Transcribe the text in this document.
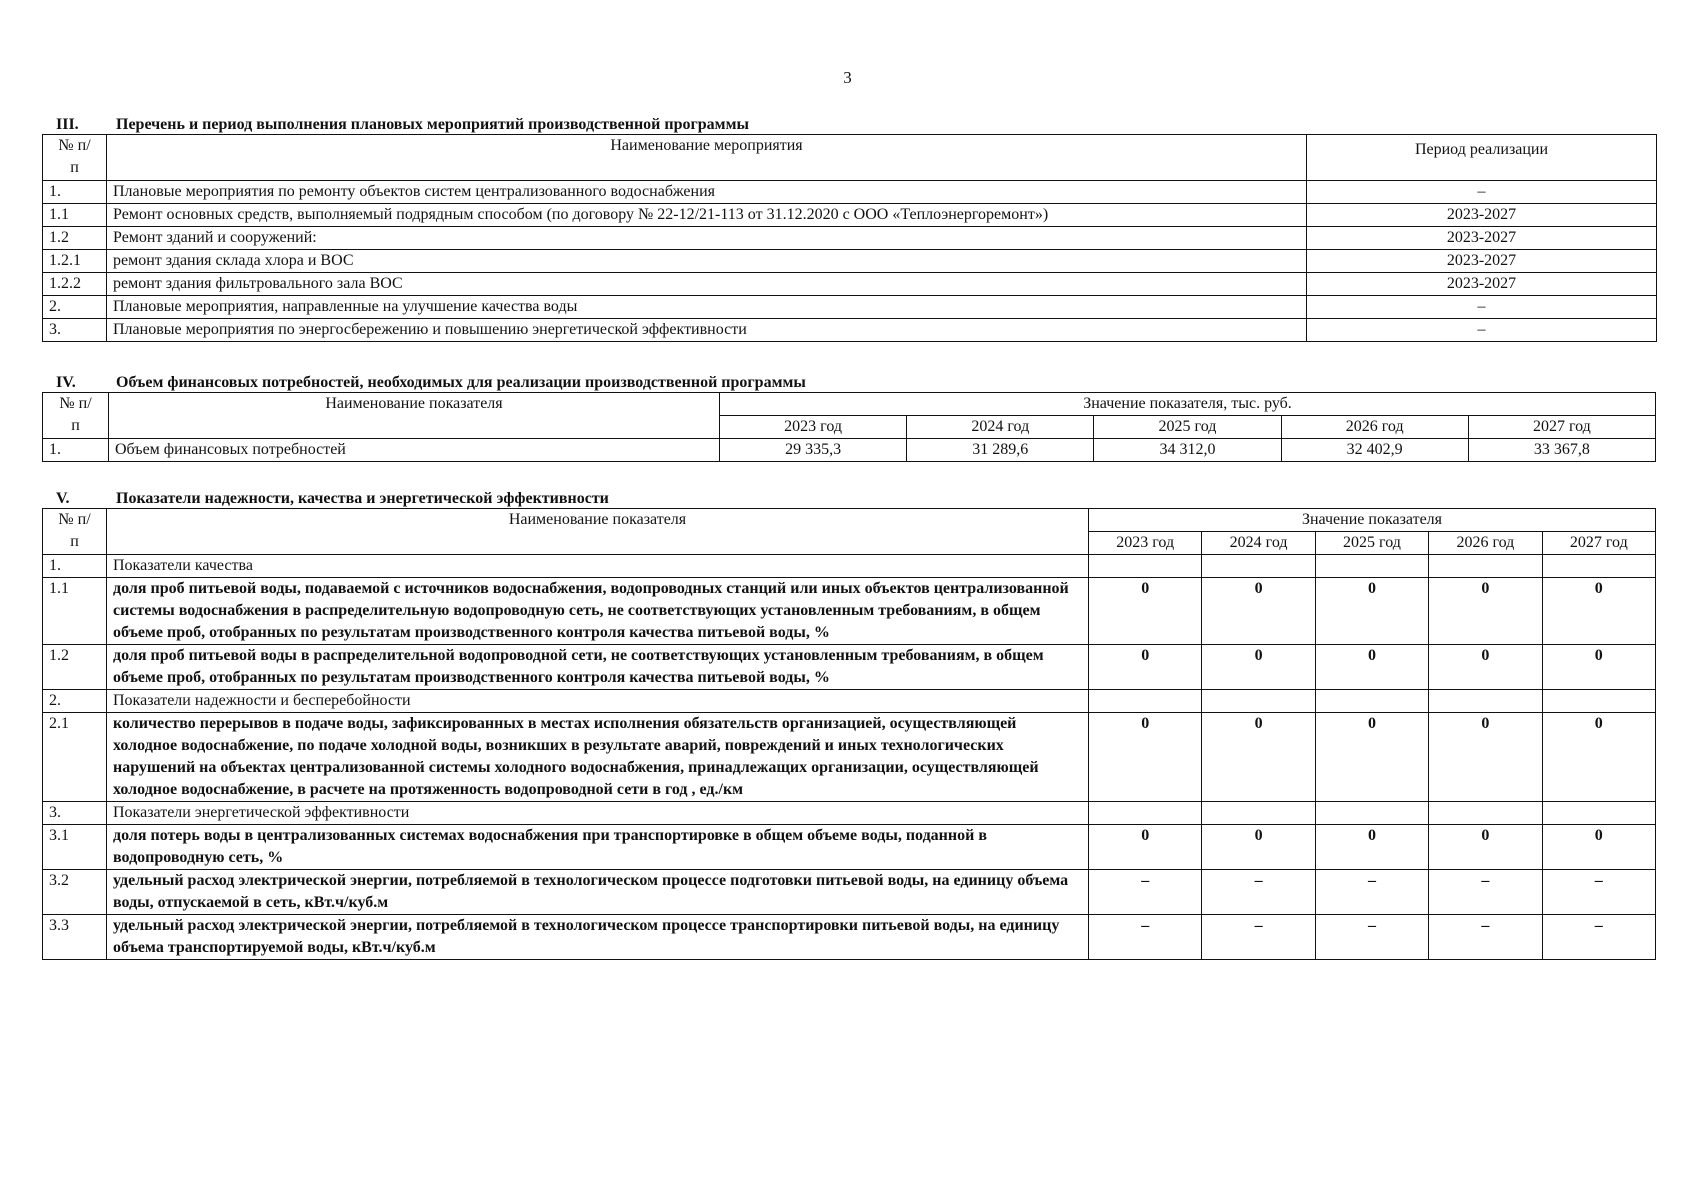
3
III. Перечень и период выполнения плановых мероприятий производственной программы
№ п/п	Наименование мероприятия	Период реализации
1.	Плановые мероприятия по ремонту объектов систем централизованного водоснабжения	–
1.1	Ремонт основных средств, выполняемый подрядным способом (по договору № 22-12/21-113 от 31.12.2020 с ООО «Теплоэнергоремонт»)	2023-2027
1.2	Ремонт зданий и сооружений:	2023-2027
1.2.1	ремонт здания склада хлора и ВОС	2023-2027
1.2.2	ремонт здания фильтровального зала ВОС	2023-2027
2.	Плановые мероприятия, направленные на улучшение качества воды	–
3.	Плановые мероприятия по энергосбережению и повышению энергетической эффективности	–
IV.	Объем финансовых потребностей, необходимых для реализации производственной программы
№ п/п	Наименование показателя	Значение показателя, тыс. руб.				
		2023 год	2024 год	2025 год	2026 год	2027 год
1.	Объем финансовых потребностей	29 335,3	31 289,6	34 312,0	32 402,9	33 367,8
V.	Показатели надежности, качества и энергетической эффективности
№ п/п	Наименование показателя	Значение показателя				
		2023 год	2024 год	2025 год	2026 год	2027 год
1.	Показатели качества					
1.1	доля проб питьевой воды, подаваемой с источников водоснабжения, водопроводных станций или иных объектов централизованной системы водоснабжения в распределительную водопроводную сеть, не соответствующих установленным требованиям, в общем объеме проб, отобранных по результатам производственного контроля качества питьевой воды, %	0	0	0	0	0
1.2	доля проб питьевой воды в распределительной водопроводной сети, не соответствующих установленным требованиям, в общем объеме проб, отобранных по результатам производственного контроля качества питьевой воды, %	0	0	0	0	0
2.	Показатели надежности и бесперебойности					
2.1	количество перерывов в подаче воды, зафиксированных в местах исполнения обязательств организацией, осуществляющей холодное водоснабжение, по подаче холодной воды, возникших в результате аварий, повреждений и иных технологических нарушений на объектах централизованной системы холодного водоснабжения, принадлежащих организации, осуществляющей холодное водоснабжение, в расчете на протяженность водопроводной сети в год , ед./км	0	0	0	0	0
3.	Показатели энергетической эффективности					
3.1	доля потерь воды в централизованных системах водоснабжения при транспортировке в общем объеме воды, поданной в водопроводную сеть, %	0	0	0	0	0
3.2	удельный расход электрической энергии, потребляемой в технологическом процессе подготовки питьевой воды, на единицу объема воды, отпускаемой в сеть, кВт.ч/куб.м	–	–	–	–	–
3.3	удельный расход электрической энергии, потребляемой в технологическом процессе транспортировки питьевой воды, на единицу объема транспортируемой воды, кВт.ч/куб.м	–	–	–	–	–
